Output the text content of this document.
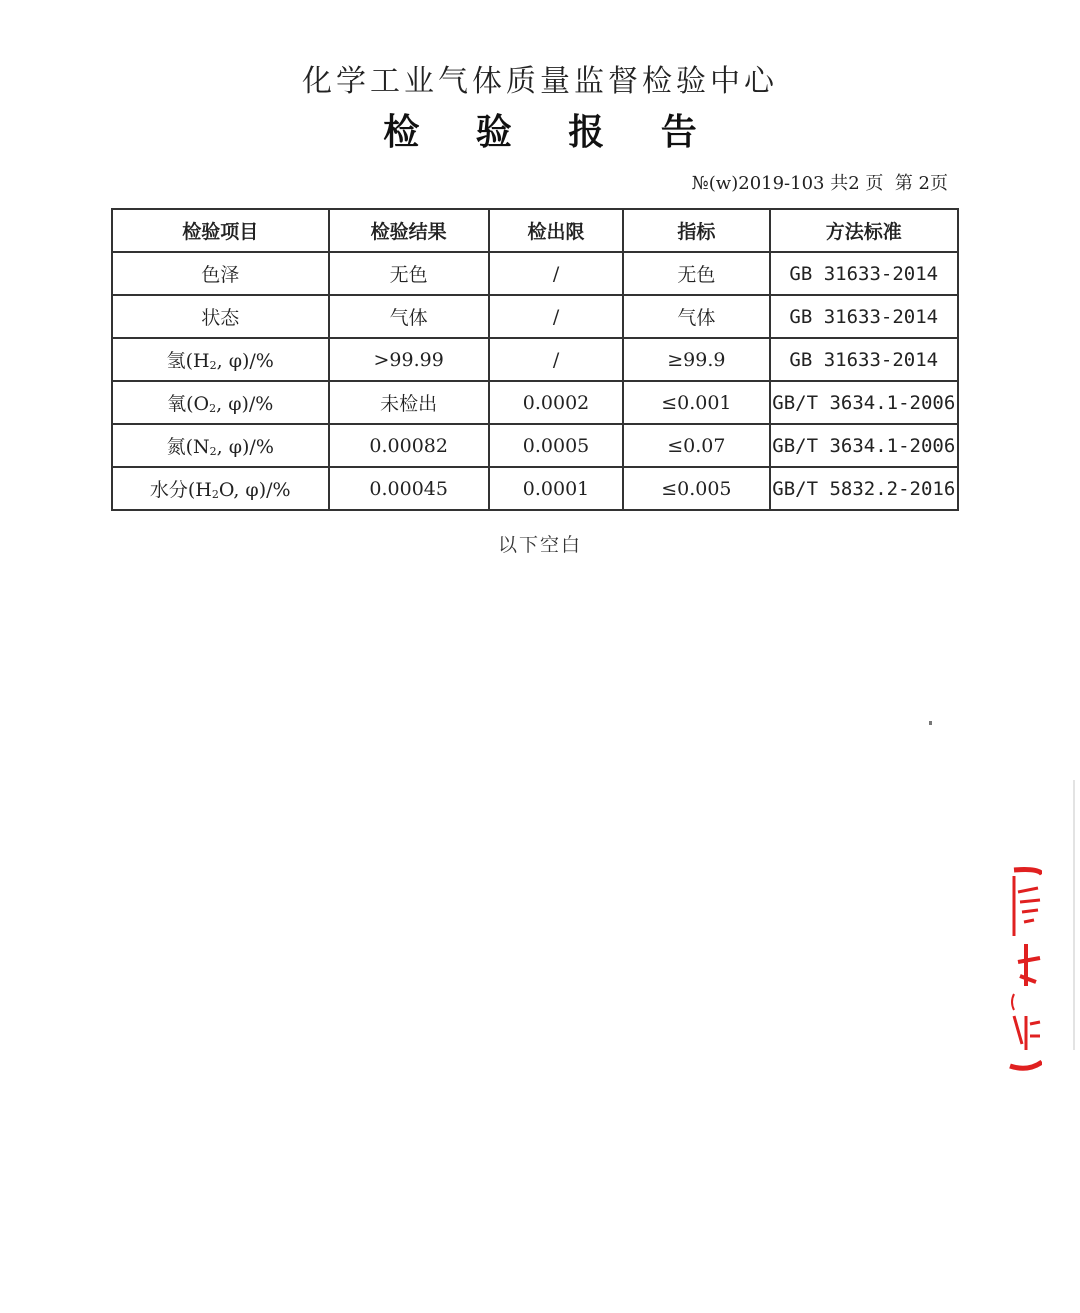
化学工业气体质量监督检验中心
检 验 报 告
№(w)2019-103 共2 页  第 2页
检验项目	检验结果	检出限	指标	方法标准
色泽	无色	/	无色	GB 31633-2014
状态	气体	/	气体	GB 31633-2014
氢($H_2$, φ)/%	>99.99	/	≥99.9	GB 31633-2014
氧($O_2$, φ)/%	未检出	0.0002	≤0.001	GB/T 3634.1-2006
氮($N_2$, φ)/%	0.00082	0.0005	≤0.07	GB/T 3634.1-2006
水分($H_2O$, φ)/%	0.00045	0.0001	≤0.005	GB/T 5832.2-2016
以下空白
